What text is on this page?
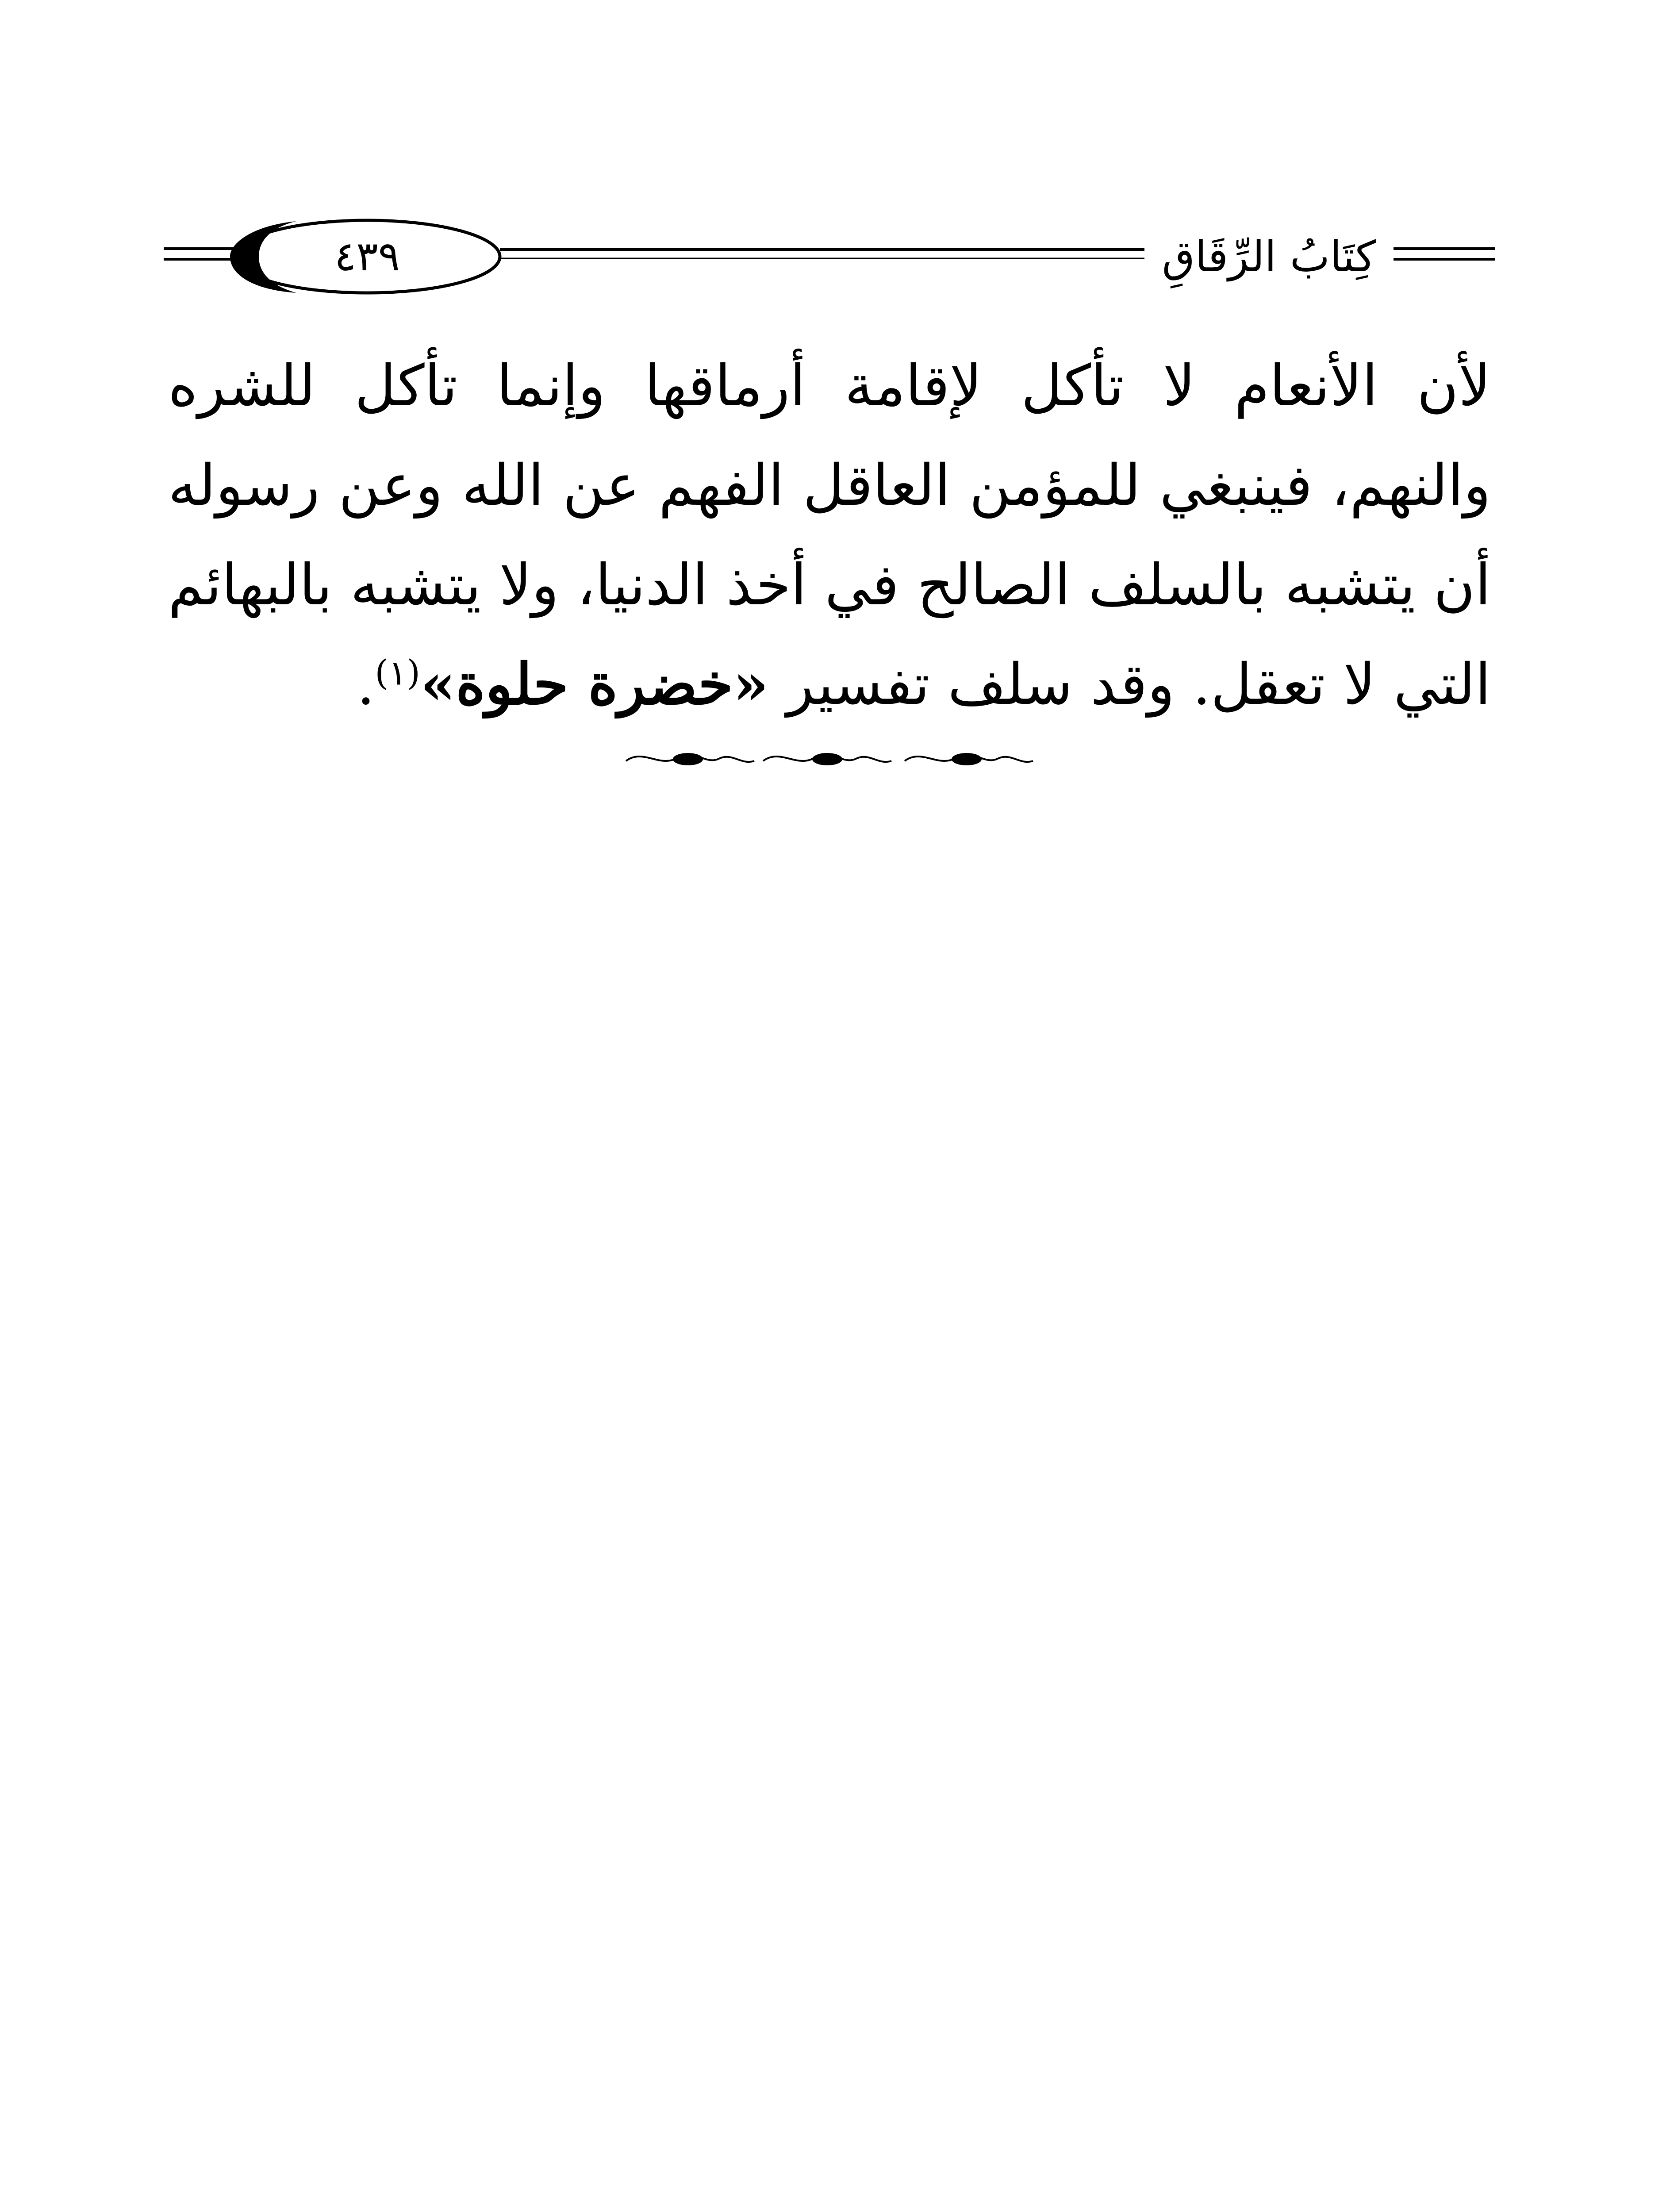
٤٣٩	كِتَابُ الرِّقَاقِ

لأن الأنعام لا تأكل لإقامة أرماقها وإنما تأكل للشره والنهم، فينبغي للمؤمن العاقل الفهم عن الله وعن رسوله أن يتشبه بالسلف الصالح في أخذ الدنيا، ولا يتشبه بالبهائم التي لا تعقل. وقد سلف تفسير «خضرة حلوة»$^{(١)}$.
